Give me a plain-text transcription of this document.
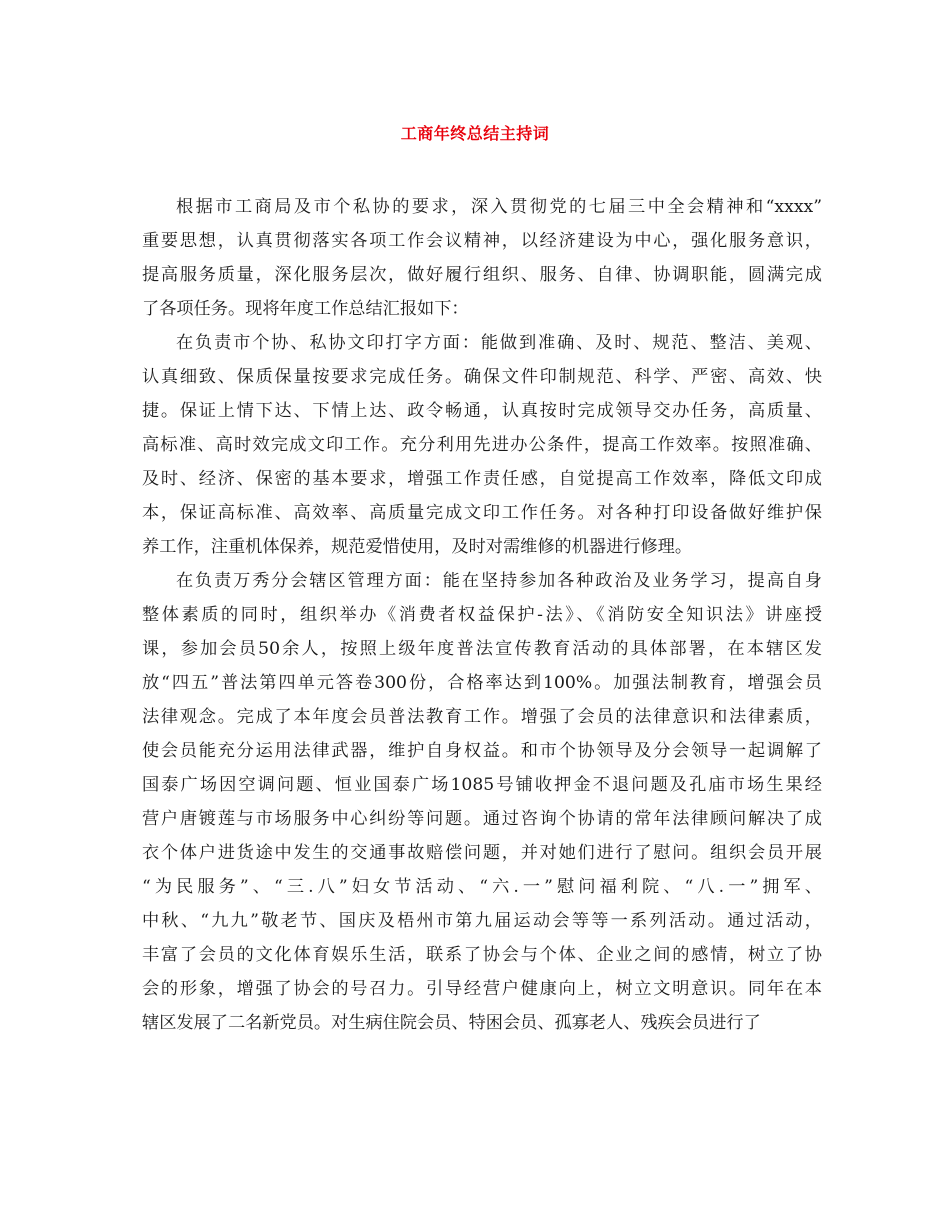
工商年终总结主持词
根据市工商局及市个私协的要求，深入贯彻党的七届三中全会精神和“xxxx”
重要思想，认真贯彻落实各项工作会议精神，以经济建设为中心，强化服务意识，
提高服务质量，深化服务层次，做好履行组织、服务、自律、协调职能，圆满完成
了各项任务。现将年度工作总结汇报如下：
在负责市个协、私协文印打字方面：能做到准确、及时、规范、整洁、美观、
认真细致、保质保量按要求完成任务。确保文件印制规范、科学、严密、高效、快
捷。保证上情下达、下情上达、政令畅通，认真按时完成领导交办任务，高质量、
高标准、高时效完成文印工作。充分利用先进办公条件，提高工作效率。按照准确、
及时、经济、保密的基本要求，增强工作责任感，自觉提高工作效率，降低文印成
本，保证高标准、高效率、高质量完成文印工作任务。对各种打印设备做好维护保
养工作，注重机体保养，规范爱惜使用，及时对需维修的机器进行修理。
在负责万秀分会辖区管理方面：能在坚持参加各种政治及业务学习，提高自身
整体素质的同时，组织举办《消费者权益保护-法》、《消防安全知识法》讲座授
课，参加会员50余人，按照上级年度普法宣传教育活动的具体部署，在本辖区发
放“四五”普法第四单元答卷300份，合格率达到100%。加强法制教育，增强会员
法律观念。完成了本年度会员普法教育工作。增强了会员的法律意识和法律素质，
使会员能充分运用法律武器，维护自身权益。和市个协领导及分会领导一起调解了
国泰广场因空调问题、恒业国泰广场1085号铺收押金不退问题及孔庙市场生果经
营户唐镀莲与市场服务中心纠纷等问题。通过咨询个协请的常年法律顾问解决了成
衣个体户进货途中发生的交通事故赔偿问题，并对她们进行了慰问。组织会员开展
“为民服务”、“三.八”妇女节活动、“六.一”慰问福利院、“八.一”拥军、
中秋、“九九”敬老节、国庆及梧州市第九届运动会等等一系列活动。通过活动，
丰富了会员的文化体育娱乐生活，联系了协会与个体、企业之间的感情，树立了协
会的形象，增强了协会的号召力。引导经营户健康向上，树立文明意识。同年在本
辖区发展了二名新党员。对生病住院会员、特困会员、孤寡老人、残疾会员进行了
